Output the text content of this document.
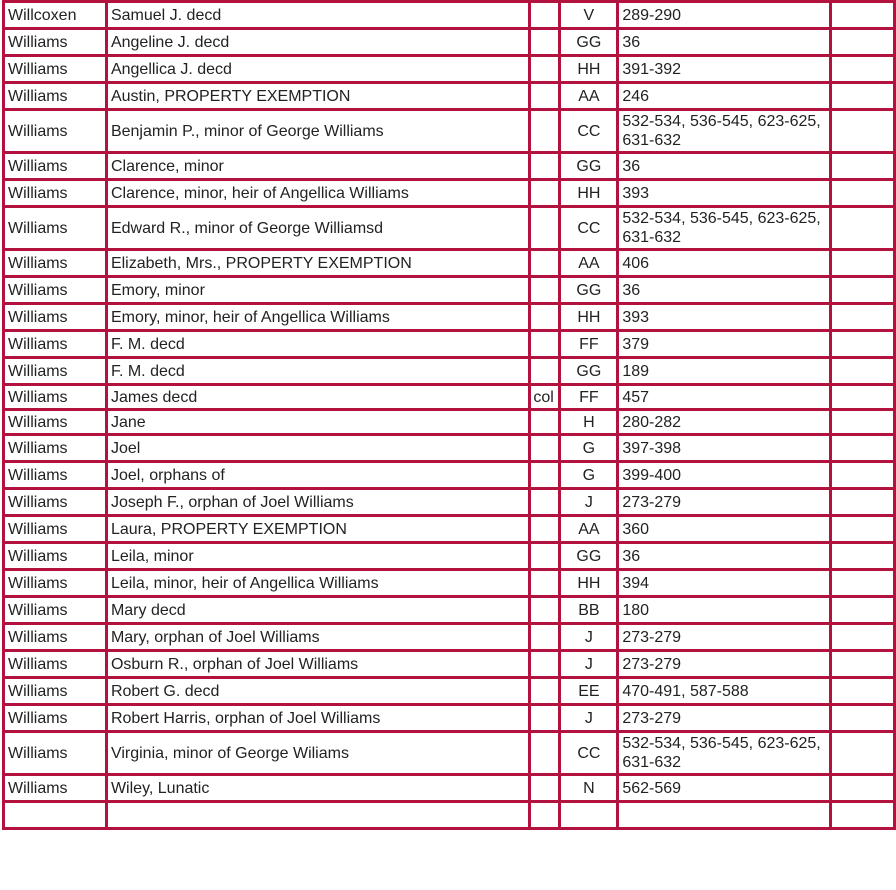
Willcoxen	Samuel J. decd		V	289-290	
Williams	Angeline J. decd		GG	36	
Williams	Angellica J. decd		HH	391-392	
Williams	Austin, PROPERTY EXEMPTION		AA	246	
Williams	Benjamin P., minor of George Williams		CC	532-534, 536-545, 623-625, 631-632	
Williams	Clarence, minor		GG	36	
Williams	Clarence, minor, heir of Angellica Williams		HH	393	
Williams	Edward R., minor of George Williamsd		CC	532-534, 536-545, 623-625, 631-632	
Williams	Elizabeth, Mrs., PROPERTY EXEMPTION		AA	406	
Williams	Emory, minor		GG	36	
Williams	Emory, minor, heir of Angellica Williams		HH	393	
Williams	F. M. decd		FF	379	
Williams	F. M. decd		GG	189	
Williams	James decd	col	FF	457	
Williams	Jane		H	280-282	
Williams	Joel		G	397-398	
Williams	Joel, orphans of		G	399-400	
Williams	Joseph F., orphan of Joel Williams		J	273-279	
Williams	Laura, PROPERTY EXEMPTION		AA	360	
Williams	Leila, minor		GG	36	
Williams	Leila, minor, heir of Angellica Williams		HH	394	
Williams	Mary decd		BB	180	
Williams	Mary, orphan of Joel Williams		J	273-279	
Williams	Osburn R., orphan of Joel Williams		J	273-279	
Williams	Robert G. decd		EE	470-491, 587-588	
Williams	Robert Harris, orphan of Joel Williams		J	273-279	
Williams	Virginia, minor of George Wiliams		CC	532-534, 536-545, 623-625, 631-632	
Williams	Wiley, Lunatic		N	562-569	
